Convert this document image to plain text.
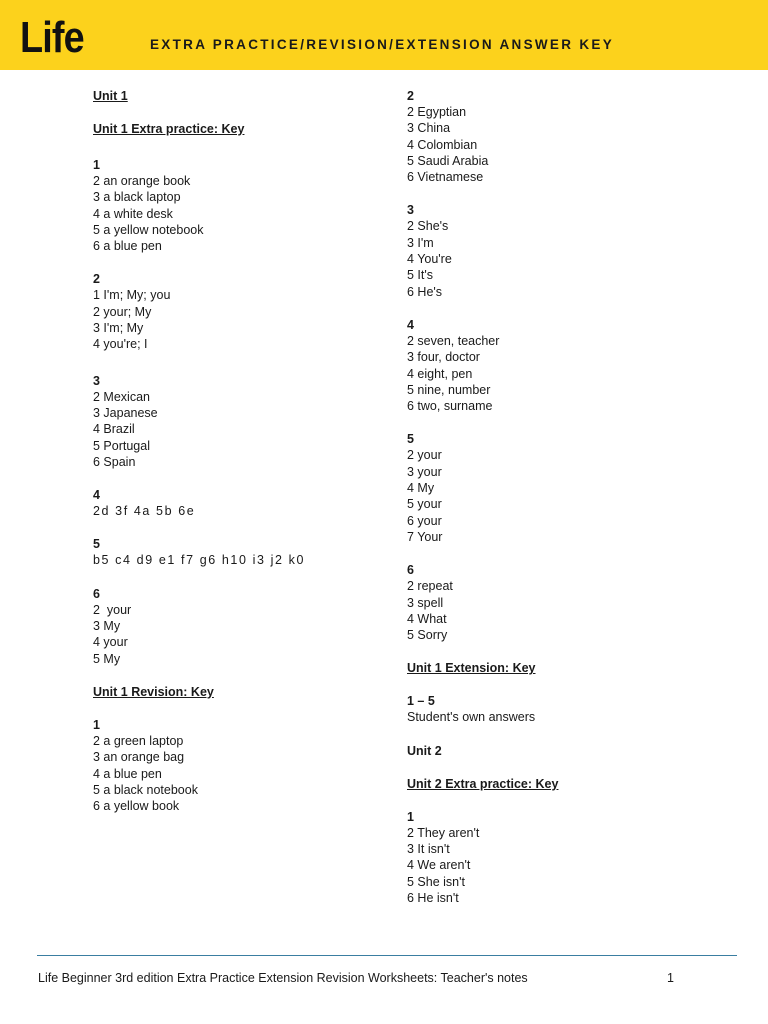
Life	EXTRA PRACTICE/REVISION/EXTENSION ANSWER KEY
Unit 1
Unit 1 Extra practice: Key
1
2 an orange book
3 a black laptop
4 a white desk
5 a yellow notebook
6 a blue pen
2
1 I'm; My; you
2 your; My
3 I'm; My
4 you're; I
3
2 Mexican
3 Japanese
4 Brazil
5 Portugal
6 Spain
4
2d 3f 4a 5b 6e
5
b5 c4 d9 e1 f7 g6 h10 i3 j2 k0
6
2  your
3 My
4 your
5 My
Unit 1 Revision: Key
1
2 a green laptop
3 an orange bag
4 a blue pen
5 a black notebook
6 a yellow book
2
2 Egyptian
3 China
4 Colombian
5 Saudi Arabia
6 Vietnamese
3
2 She's
3 I'm
4 You're
5 It's
6 He's
4
2 seven, teacher
3 four, doctor
4 eight, pen
5 nine, number
6 two, surname
5
2 your
3 your
4 My
5 your
6 your
7 Your
6
2 repeat
3 spell
4 What
5 Sorry
Unit 1 Extension: Key
1 – 5
Student's own answers
Unit 2
Unit 2 Extra practice: Key
1
2 They aren't
3 It isn't
4 We aren't
5 She isn't
6 He isn't
Life Beginner 3rd edition Extra Practice Extension Revision Worksheets: Teacher's notes	1
